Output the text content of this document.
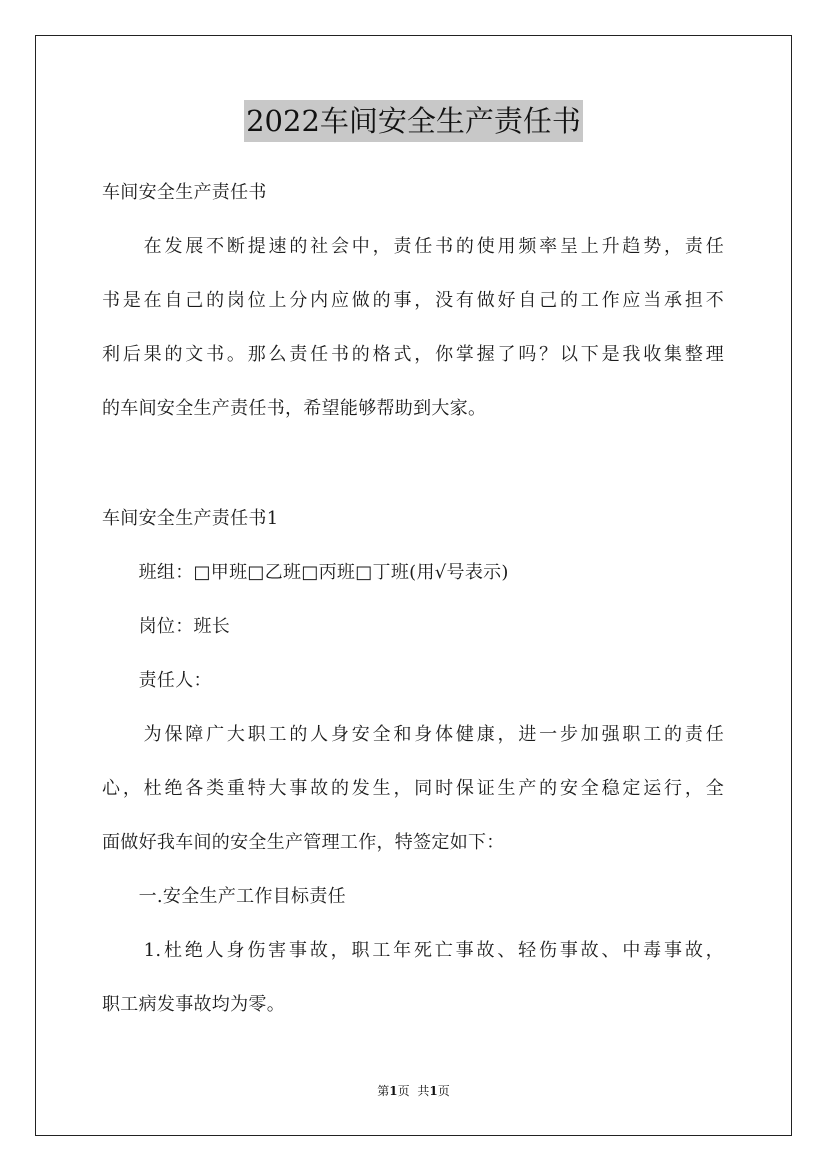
2022车间安全生产责任书
车间安全生产责任书
　　在发展不断提速的社会中，责任书的使用频率呈上升趋势，责任
书是在自己的岗位上分内应做的事，没有做好自己的工作应当承担不
利后果的文书。那么责任书的格式，你掌握了吗？以下是我收集整理
的车间安全生产责任书，希望能够帮助到大家。
车间安全生产责任书1
　　班组：□甲班□乙班□丙班□丁班(用√号表示)
　　岗位：班长
　　责任人：
　　为保障广大职工的人身安全和身体健康，进一步加强职工的责任
心，杜绝各类重特大事故的发生，同时保证生产的安全稳定运行，全
面做好我车间的安全生产管理工作，特签定如下：
　　一.安全生产工作目标责任
　　1.杜绝人身伤害事故，职工年死亡事故、轻伤事故、中毒事故，
职工病发事故均为零。
第1页 共1页
